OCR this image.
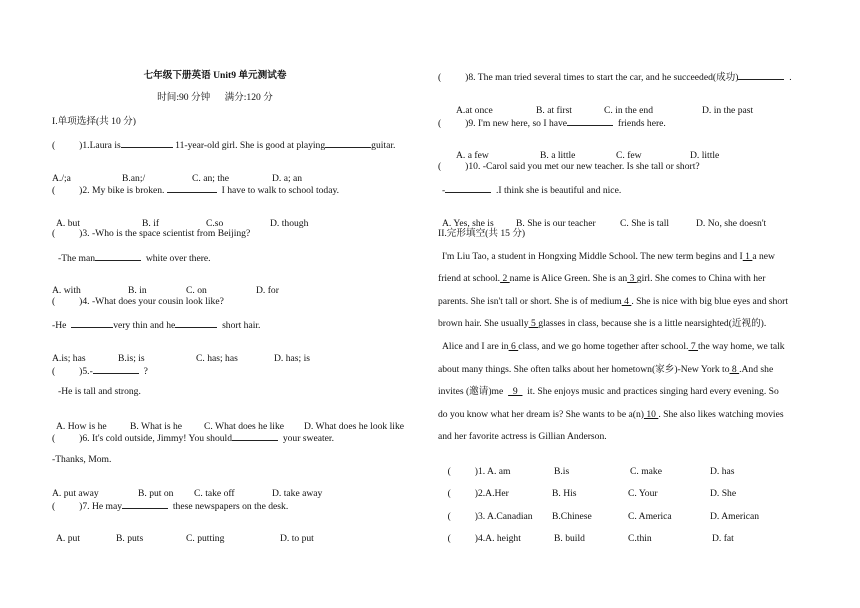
七年级下册英语 Unit9 单元测试卷
时间:90 分钟      满分:120 分
I.单项选择(共 10 分)
(          )1.Laura is	11-year-old girl. She is good at playing	guitar.

A./;a	B.an;/	C. an; the	D. a; an

(          )2. My bike is broken.	I have to walk to school today.

A. but	B. if	C.so	D. though

(          )3. -Who is the space scientist from Beijing?
-The man	white over there.

A. with	B. in	C. on	D. for

(          )4. -What does your cousin look like?
-He	very thin and he	short hair.

A.is; has	B.is; is	C. has; has	D. has; is

(          )5.-	?
-He is tall and strong.

A. How is he B. What is he C. What does he like D. What does he look like

(          )6. It's cold outside, Jimmy! You should	your sweater.
-Thanks, Mom.

A. put away	B. put on C. take off	D. take away

(          )7. He may	these newspapers on the desk.

A. put	B. puts	C. putting	D. to put

(          )8. The man tried several times to start the car, and he succeeded(成功)	.

A.at once	B. at first	C. in the end	D. in the past

(          )9. I'm new here, so I have	friends here.

A. a few	B. a little	C. few	D. little

(          )10. -Carol said you met our new teacher. Is she tall or short?
-	.I think she is beautiful and nice.

A. Yes, she is B. She is our teacher	C. She is tall	D. No, she doesn't

II.完形填空(共 15 分)
I'm Liu Tao, a student in Hongxing Middle School. The new term begins and I 1 a new
friend at school. 2 name is Alice Green. She is an 3 girl. She comes to China with her
parents. She isn't tall or short. She is of medium 4 . She is nice with big blue eyes and short
brown hair. She usually 5 glasses in class, because she is a little nearsighted(近视的).
Alice and I are in 6 class, and we go home together after school. 7 the way home, we talk
about many things. She often talks about her hometown(家乡)-New York to 8 .And she
invites (邀请)me    9    it. She enjoys music and practices singing hard every evening. So
do you know what her dream is? She wants to be a(n) 10 . She also likes watching movies
and her favorite actress is Gillian Anderson.

(          )1. A. am	B.is	C. make	D. has

(          )2.A.Her	B. His	C. Your	D. She

(          )3. A.Canadian B.Chinese	C. America	D. American

(          )4.A. height	B. build	C.thin	D. fat
